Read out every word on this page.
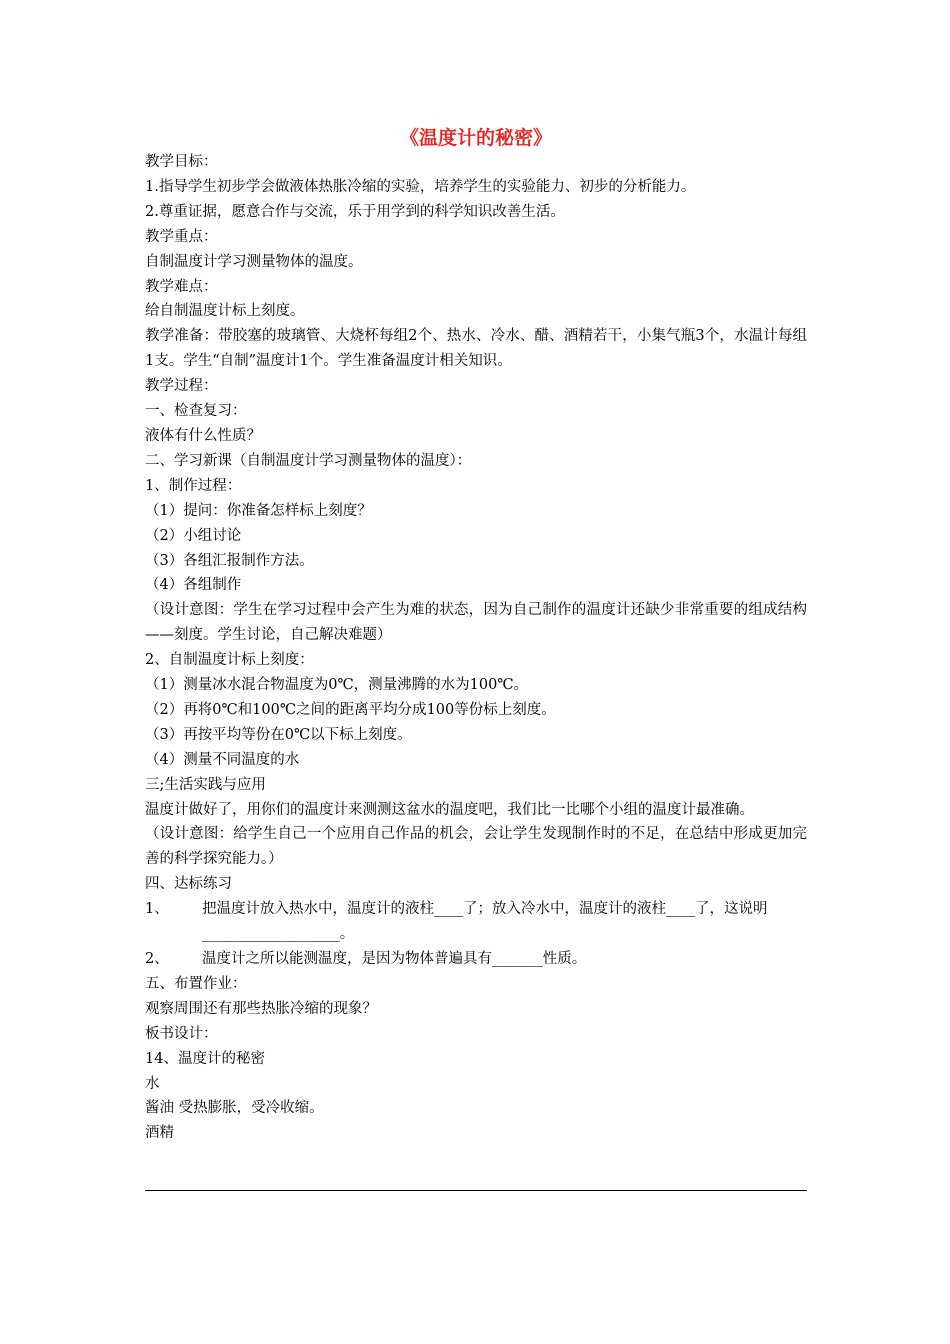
《温度计的秘密》
教学目标：
1.指导学生初步学会做液体热胀冷缩的实验，培养学生的实验能力、初步的分析能力。
2.尊重证据，愿意合作与交流，乐于用学到的科学知识改善生活。
教学重点：
自制温度计学习测量物体的温度。
教学难点：
给自制温度计标上刻度。
教学准备：带胶塞的玻璃管、大烧杯每组2个、热水、冷水、醋、酒精若干，小集气瓶3个，水温计每组1支。学生“自制”温度计1个。学生准备温度计相关知识。
教学过程：
一、检查复习：
液体有什么性质？
二、学习新课（自制温度计学习测量物体的温度）：
1、制作过程：
（1）提问：你准备怎样标上刻度？
（2）小组讨论
（3）各组汇报制作方法。
（4）各组制作
（设计意图：学生在学习过程中会产生为难的状态，因为自己制作的温度计还缺少非常重要的组成结构——刻度。学生讨论，自己解决难题）
2、自制温度计标上刻度：
（1）测量冰水混合物温度为0℃，测量沸腾的水为100℃。
（2）再将0℃和100℃之间的距离平均分成100等份标上刻度。
（3）再按平均等份在0℃以下标上刻度。
（4）测量不同温度的水
三;生活实践与应用
温度计做好了，用你们的温度计来测测这盆水的温度吧，我们比一比哪个小组的温度计最准确。
（设计意图：给学生自己一个应用自己作品的机会，会让学生发现制作时的不足，在总结中形成更加完善的科学探究能力。）
四、达标练习
1、	把温度计放入热水中，温度计的液柱____了；放入冷水中，温度计的液柱____了，这说明___________________。
2、	温度计之所以能测温度，是因为物体普遍具有_______性质。
五、布置作业：
观察周围还有那些热胀冷缩的现象？
板书设计：
14、温度计的秘密
水
酱油 受热膨胀，受冷收缩。
酒精
